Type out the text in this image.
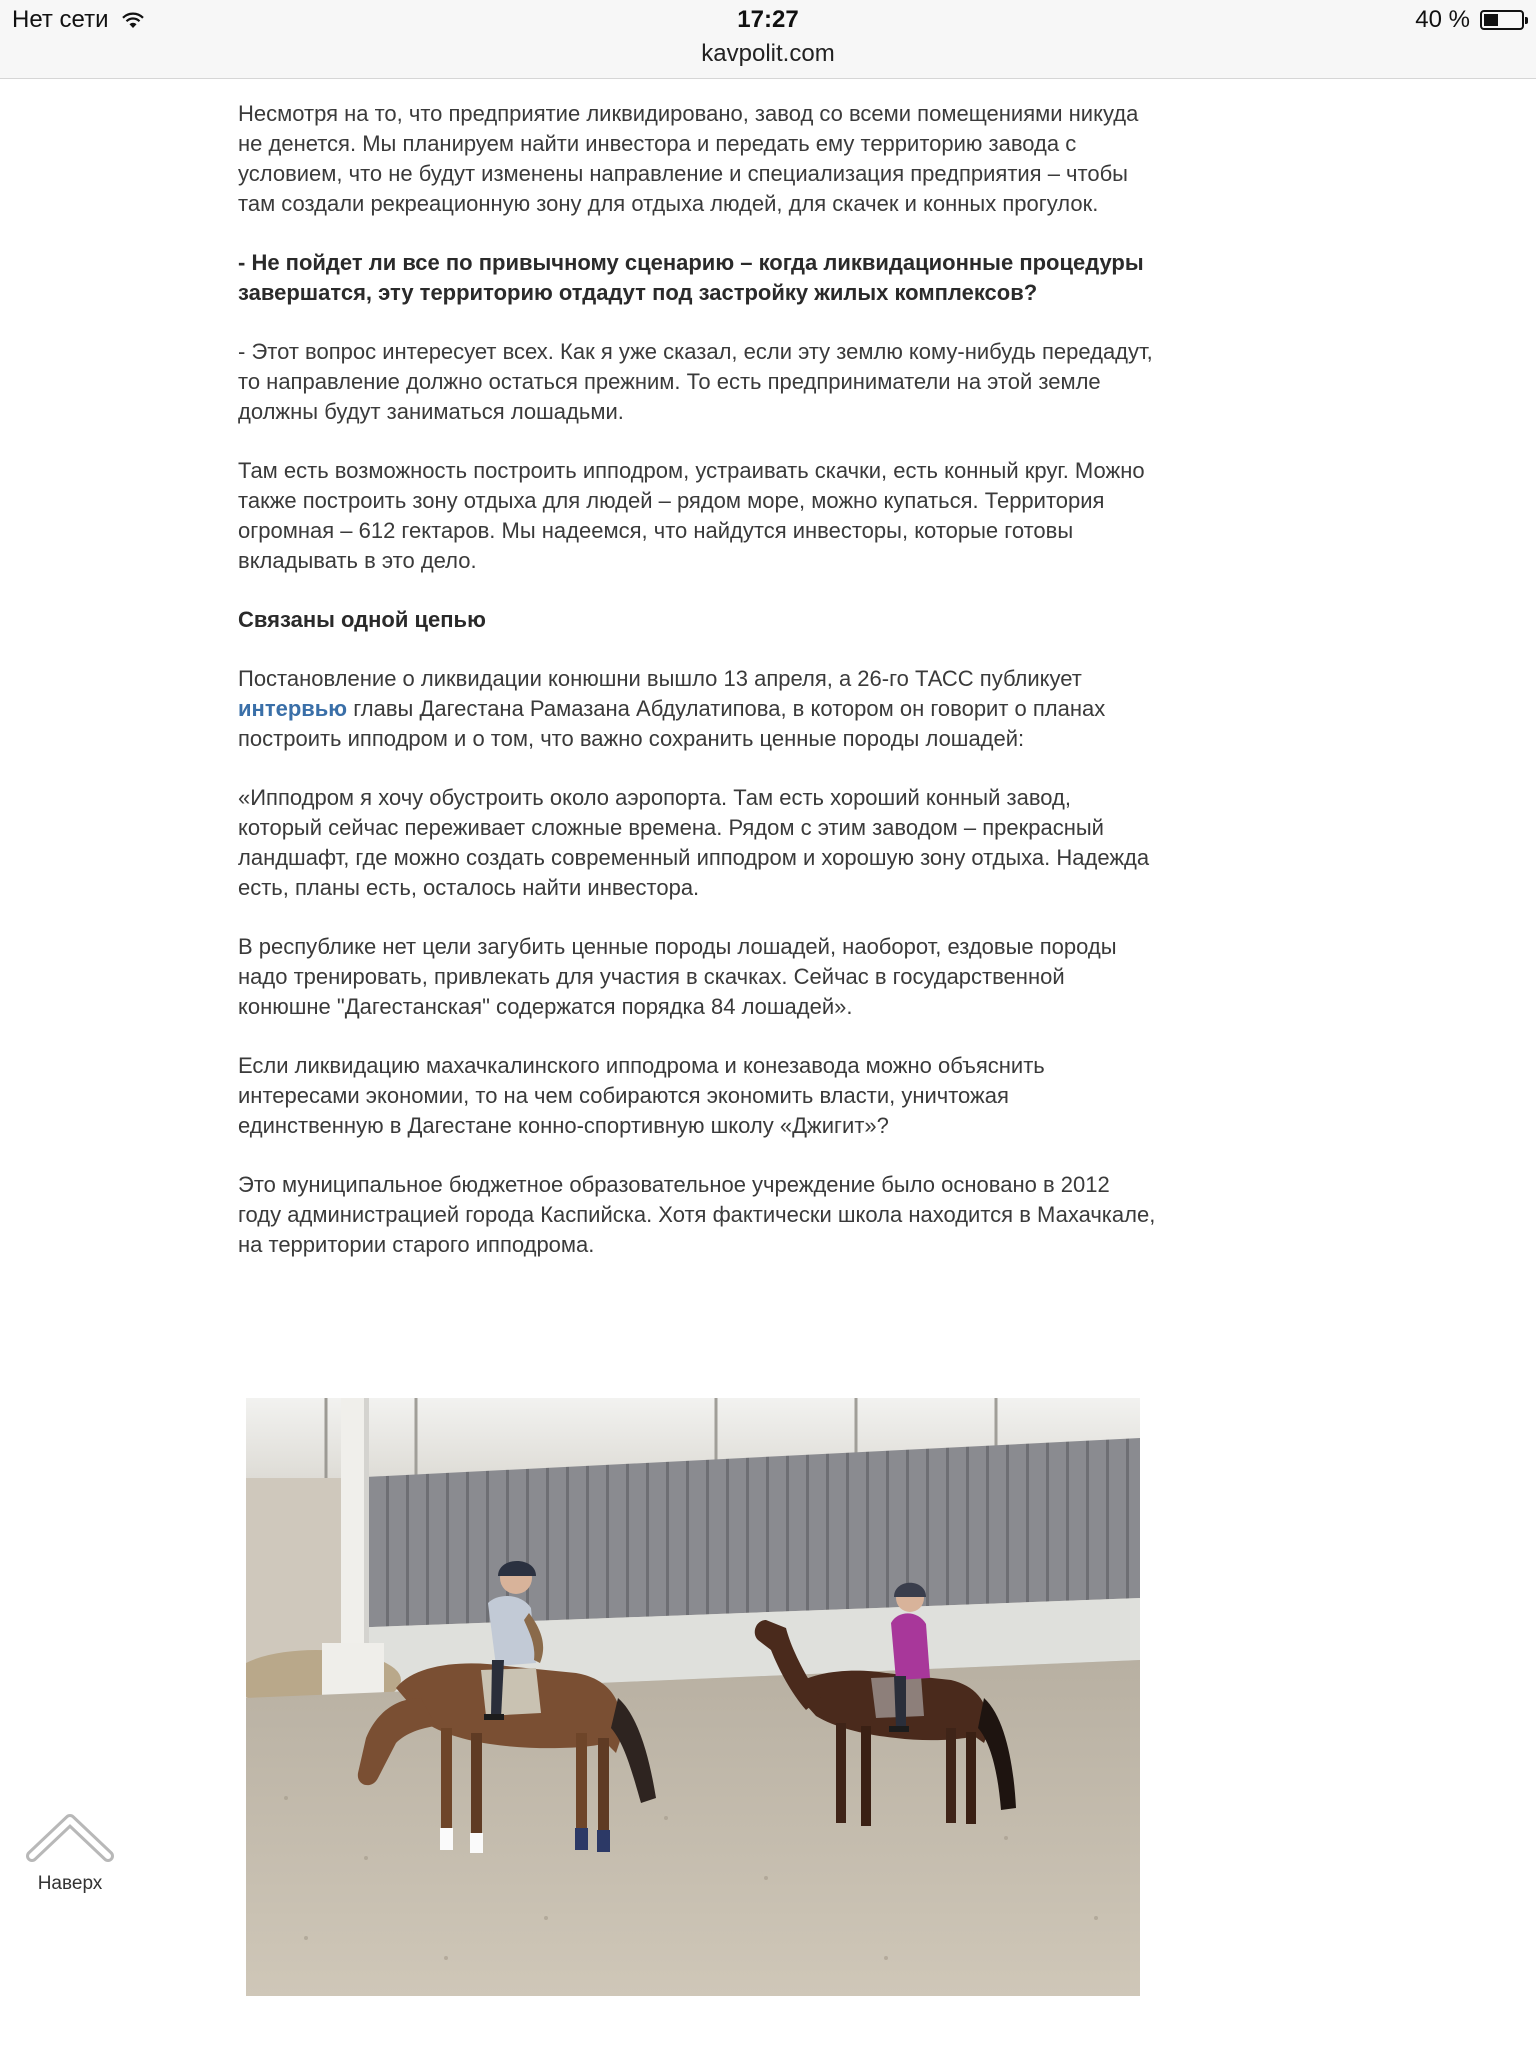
Нет сети	17:27	40 %
kavpolit.com

Несмотря на то, что предприятие ликвидировано, завод со всеми помещениями никуда не денется. Мы планируем найти инвестора и передать ему территорию завода с условием, что не будут изменены направление и специализация предприятия – чтобы там создали рекреационную зону для отдыха людей, для скачек и конных прогулок.

- Не пойдет ли все по привычному сценарию – когда ликвидационные процедуры завершатся, эту территорию отдадут под застройку жилых комплексов?

- Этот вопрос интересует всех. Как я уже сказал, если эту землю кому-нибудь передадут, то направление должно остаться прежним. То есть предприниматели на этой земле должны будут заниматься лошадьми.

Там есть возможность построить ипподром, устраивать скачки, есть конный круг. Можно также построить зону отдыха для людей – рядом море, можно купаться. Территория огромная – 612 гектаров. Мы надеемся, что найдутся инвесторы, которые готовы вкладывать в это дело.

Связаны одной цепью

Постановление о ликвидации конюшни вышло 13 апреля, а 26-го ТАСС публикует интервью главы Дагестана Рамазана Абдулатипова, в котором он говорит о планах построить ипподром и о том, что важно сохранить ценные породы лошадей:

«Ипподром я хочу обустроить около аэропорта. Там есть хороший конный завод, который сейчас переживает сложные времена. Рядом с этим заводом – прекрасный ландшафт, где можно создать современный ипподром и хорошую зону отдыха. Надежда есть, планы есть, осталось найти инвестора.

В республике нет цели загубить ценные породы лошадей, наоборот, ездовые породы надо тренировать, привлекать для участия в скачках. Сейчас в государственной конюшне "Дагестанская" содержатся порядка 84 лошадей».

Если ликвидацию махачкалинского ипподрома и конезавода можно объяснить интересами экономии, то на чем собираются экономить власти, уничтожая единственную в Дагестане конно-спортивную школу «Джигит»?

Это муниципальное бюджетное образовательное учреждение было основано в 2012 году администрацией города Каспийска. Хотя фактически школа находится в Махачкале, на территории старого ипподрома.

Наверх
